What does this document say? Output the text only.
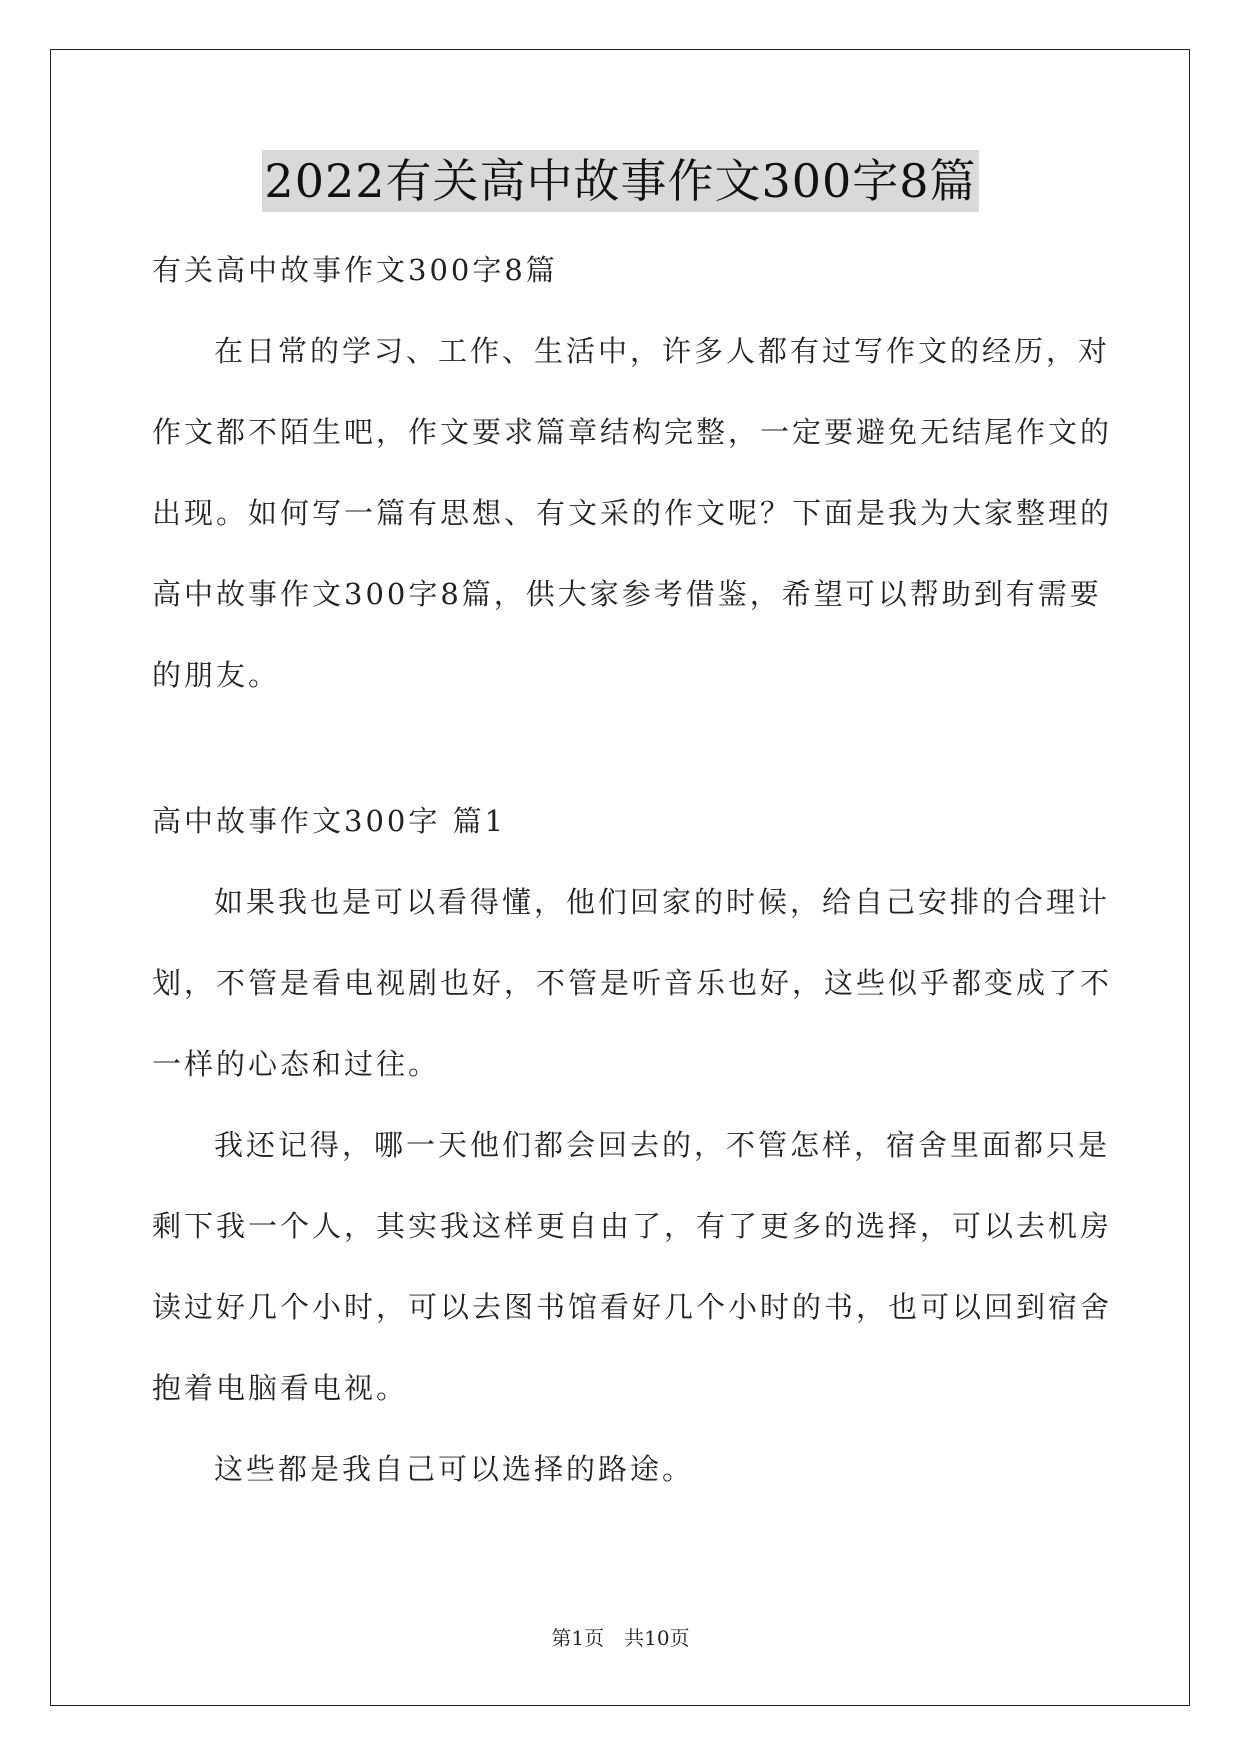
2022有关高中故事作文300字8篇
有关高中故事作文300字8篇
在日常的学习、工作、生活中，许多人都有过写作文的经历，对
作文都不陌生吧，作文要求篇章结构完整，一定要避免无结尾作文的
出现。如何写一篇有思想、有文采的作文呢？下面是我为大家整理的
高中故事作文300字8篇，供大家参考借鉴，希望可以帮助到有需要
的朋友。
高中故事作文300字 篇1
如果我也是可以看得懂，他们回家的时候，给自己安排的合理计
划，不管是看电视剧也好，不管是听音乐也好，这些似乎都变成了不
一样的心态和过往。
我还记得，哪一天他们都会回去的，不管怎样，宿舍里面都只是
剩下我一个人，其实我这样更自由了，有了更多的选择，可以去机房
读过好几个小时，可以去图书馆看好几个小时的书，也可以回到宿舍
抱着电脑看电视。
这些都是我自己可以选择的路途。
第1页 共10页
